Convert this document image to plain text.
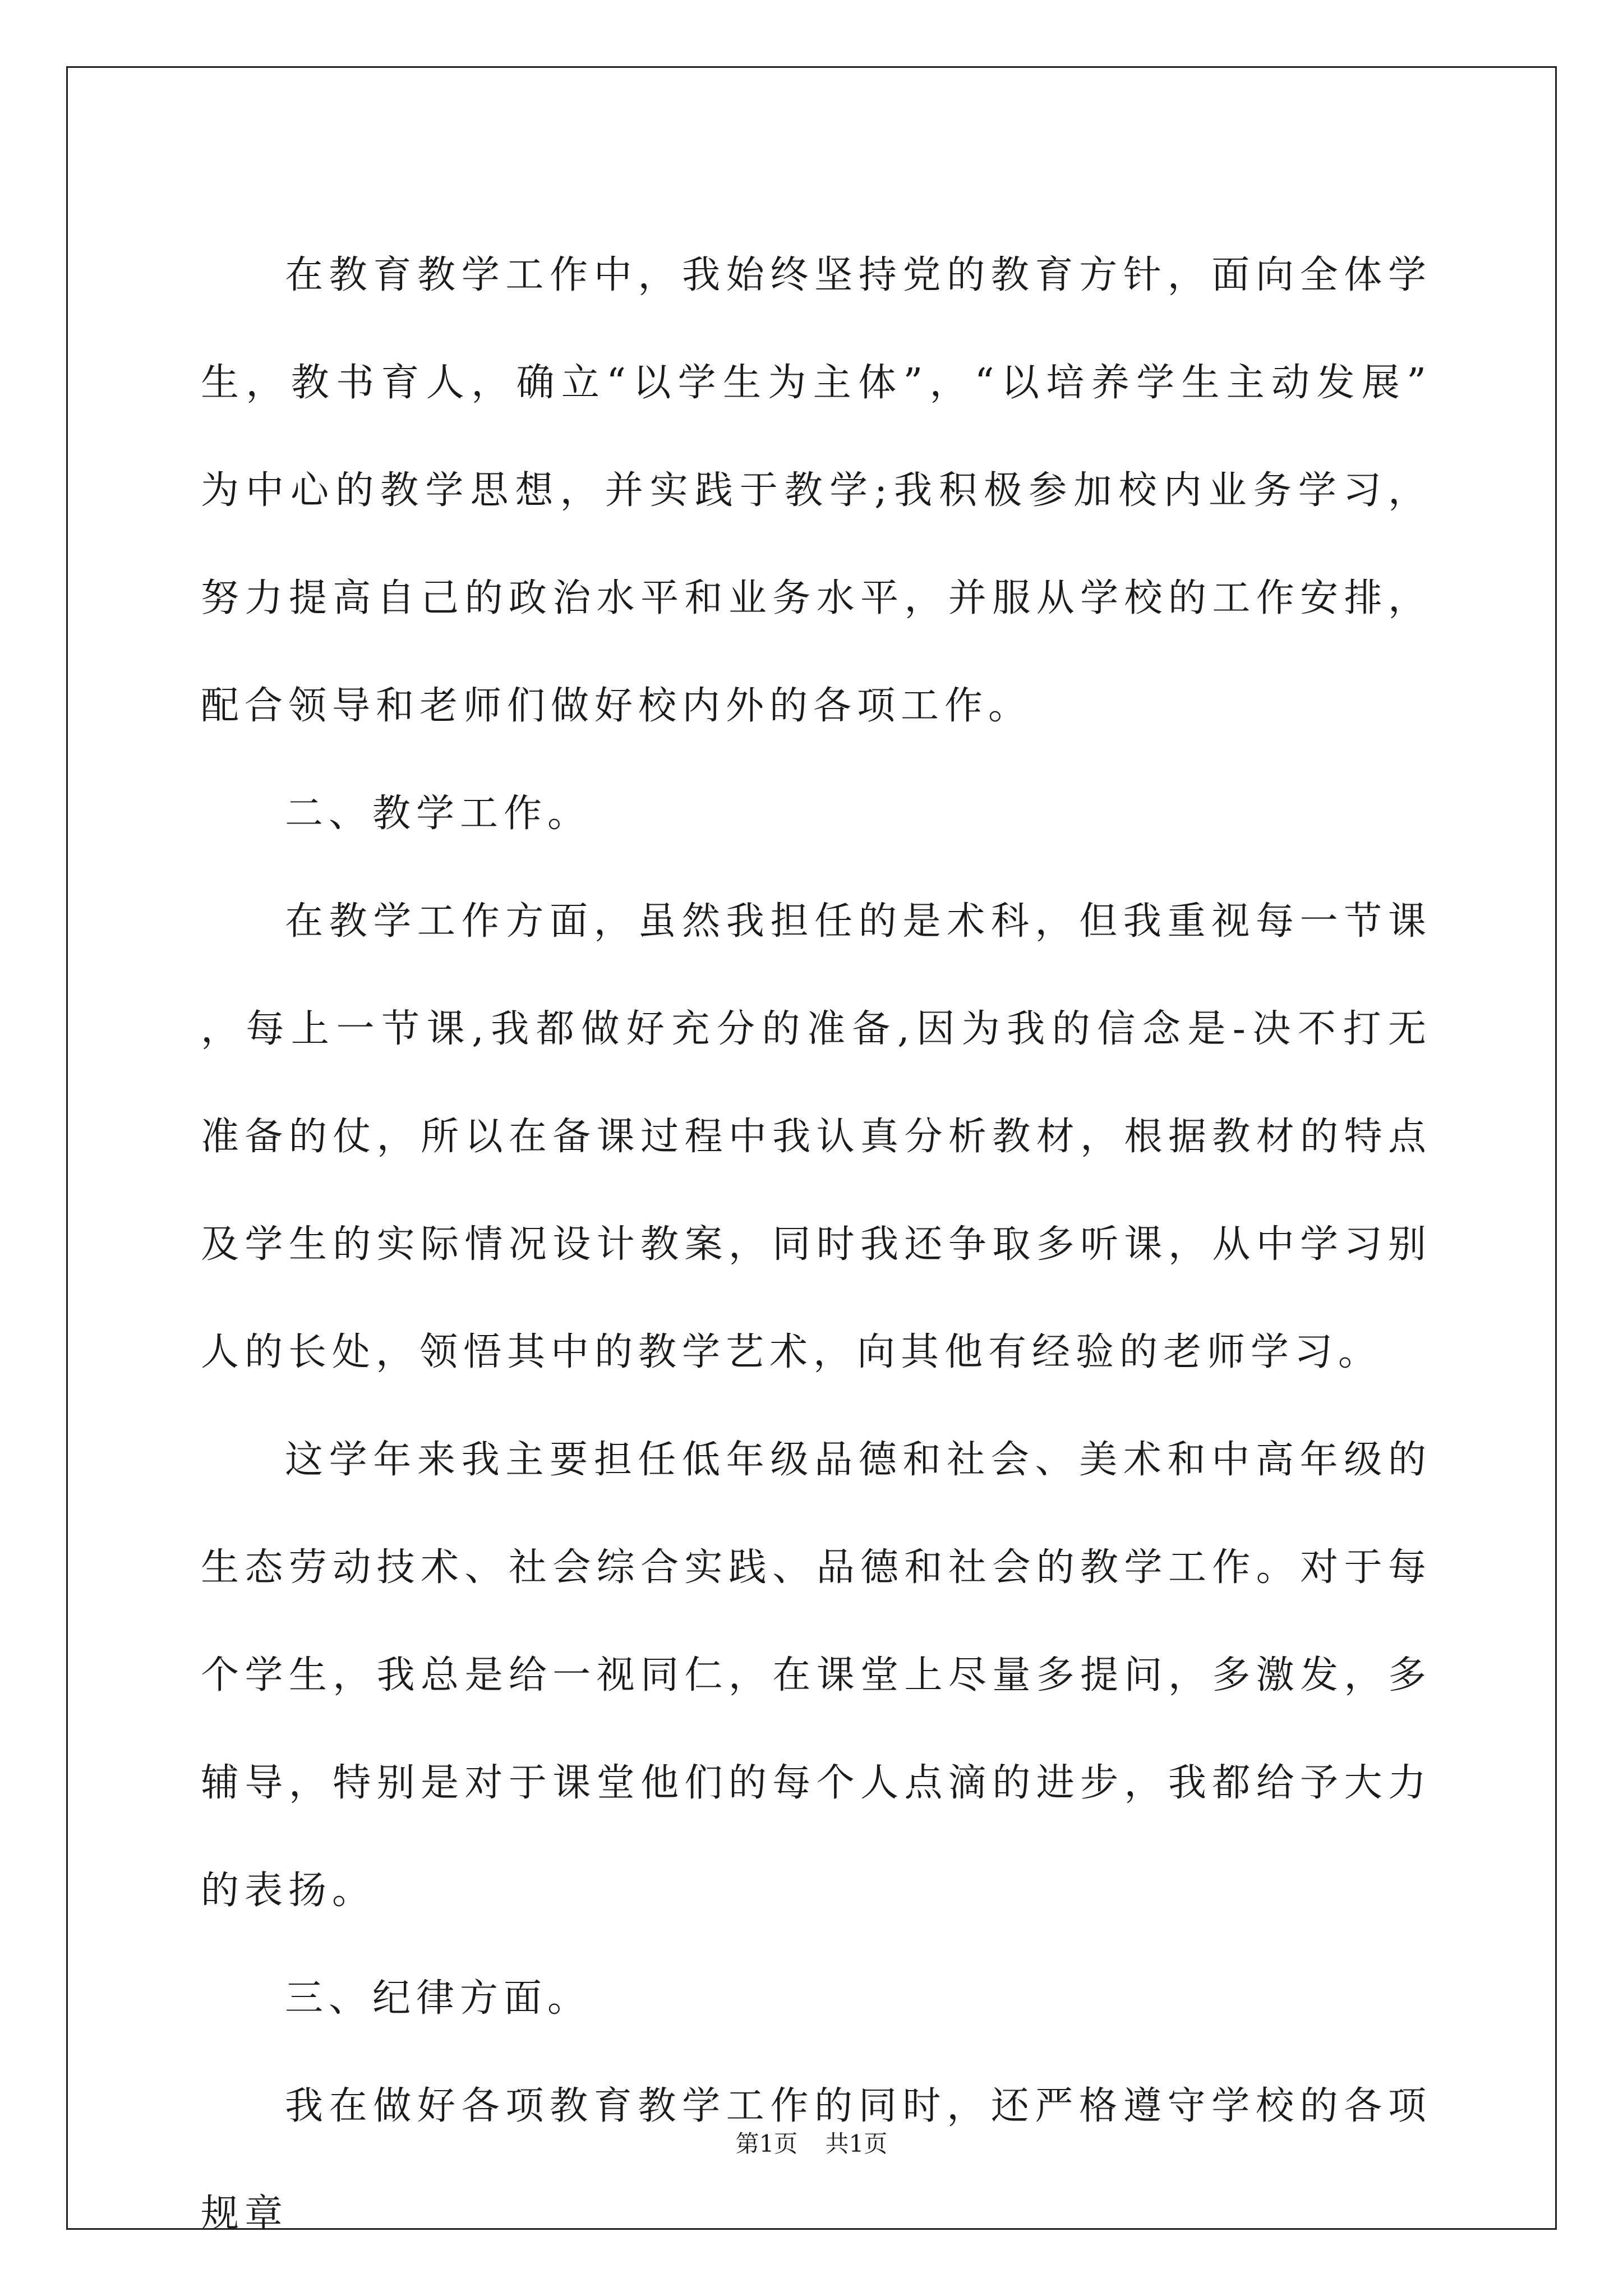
在教育教学工作中，我始终坚持党的教育方针，面向全体学生，教书育人，确立“以学生为主体”，“以培养学生主动发展”为中心的教学思想，并实践于教学;我积极参加校内业务学习，努力提高自己的政治水平和业务水平，并服从学校的工作安排，配合领导和老师们做好校内外的各项工作。

二、教学工作。

在教学工作方面，虽然我担任的是术科，但我重视每一节课，每上一节课,我都做好充分的准备,因为我的信念是-决不打无准备的仗，所以在备课过程中我认真分析教材，根据教材的特点及学生的实际情况设计教案，同时我还争取多听课，从中学习别人的长处，领悟其中的教学艺术，向其他有经验的老师学习。

这学年来我主要担任低年级品德和社会、美术和中高年级的生态劳动技术、社会综合实践、品德和社会的教学工作。对于每个学生，我总是给一视同仁，在课堂上尽量多提问，多激发，多辅导，特别是对于课堂他们的每个人点滴的进步，我都给予大力的表扬。

三、纪律方面。

我在做好各项教育教学工作的同时，还严格遵守学校的各项规章

第1页 共1页
